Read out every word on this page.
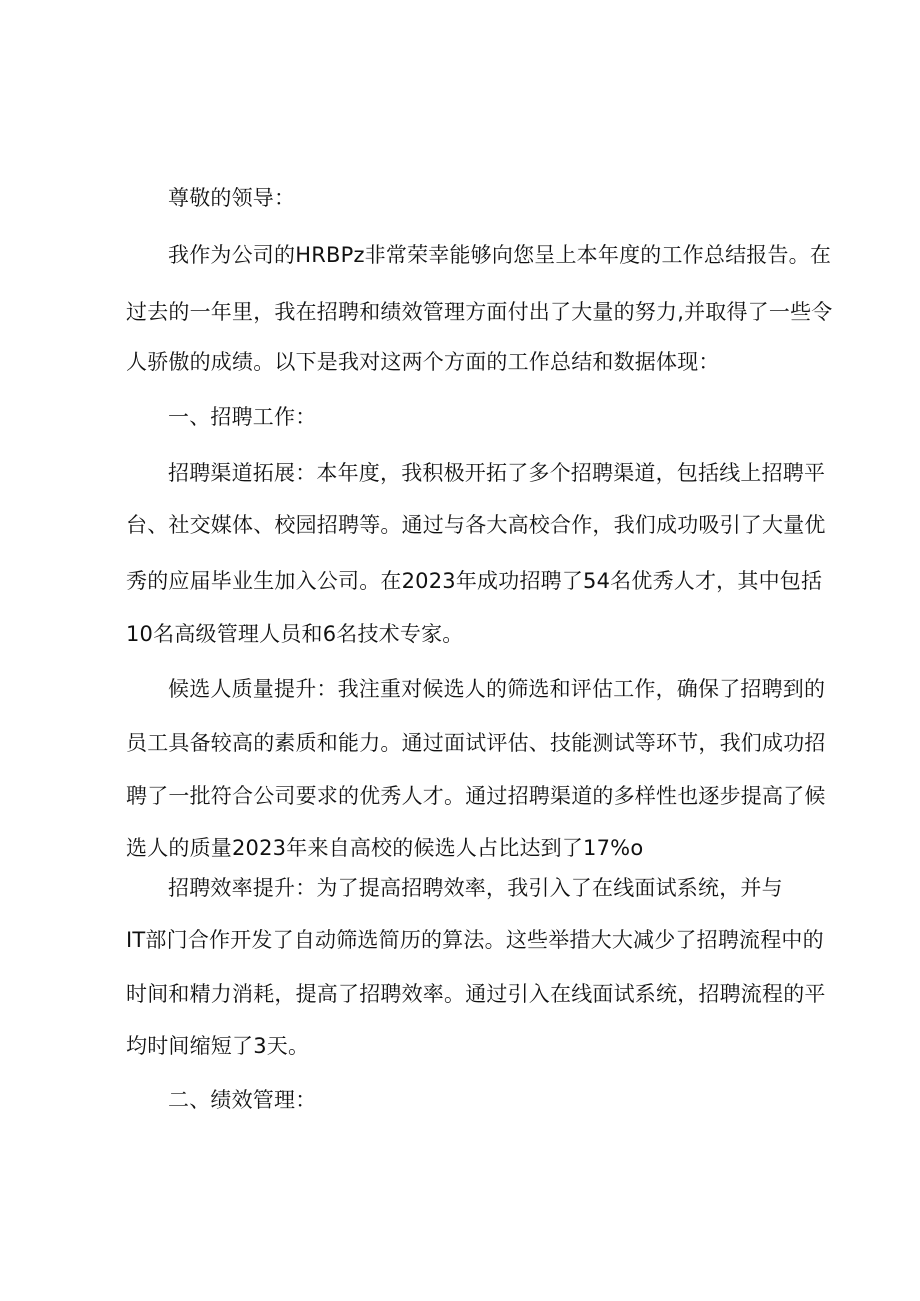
尊敬的领导：
我作为公司的HRBPz非常荣幸能够向您呈上本年度的工作总结报告。在
过去的一年里，我在招聘和绩效管理方面付出了大量的努力,并取得了一些令
人骄傲的成绩。以下是我对这两个方面的工作总结和数据体现：
一、招聘工作：
招聘渠道拓展：本年度，我积极开拓了多个招聘渠道，包括线上招聘平
台、社交媒体、校园招聘等。通过与各大高校合作，我们成功吸引了大量优
秀的应届毕业生加入公司。在2023年成功招聘了54名优秀人才，其中包括
10名高级管理人员和6名技术专家。
候选人质量提升：我注重对候选人的筛选和评估工作，确保了招聘到的
员工具备较高的素质和能力。通过面试评估、技能测试等环节，我们成功招
聘了一批符合公司要求的优秀人才。通过招聘渠道的多样性也逐步提高了候
选人的质量2023年来自高校的候选人占比达到了17%o
招聘效率提升：为了提高招聘效率，我引入了在线面试系统，并与
IT部门合作开发了自动筛选简历的算法。这些举措大大减少了招聘流程中的
时间和精力消耗，提高了招聘效率。通过引入在线面试系统，招聘流程的平
均时间缩短了3天。
二、绩效管理：
